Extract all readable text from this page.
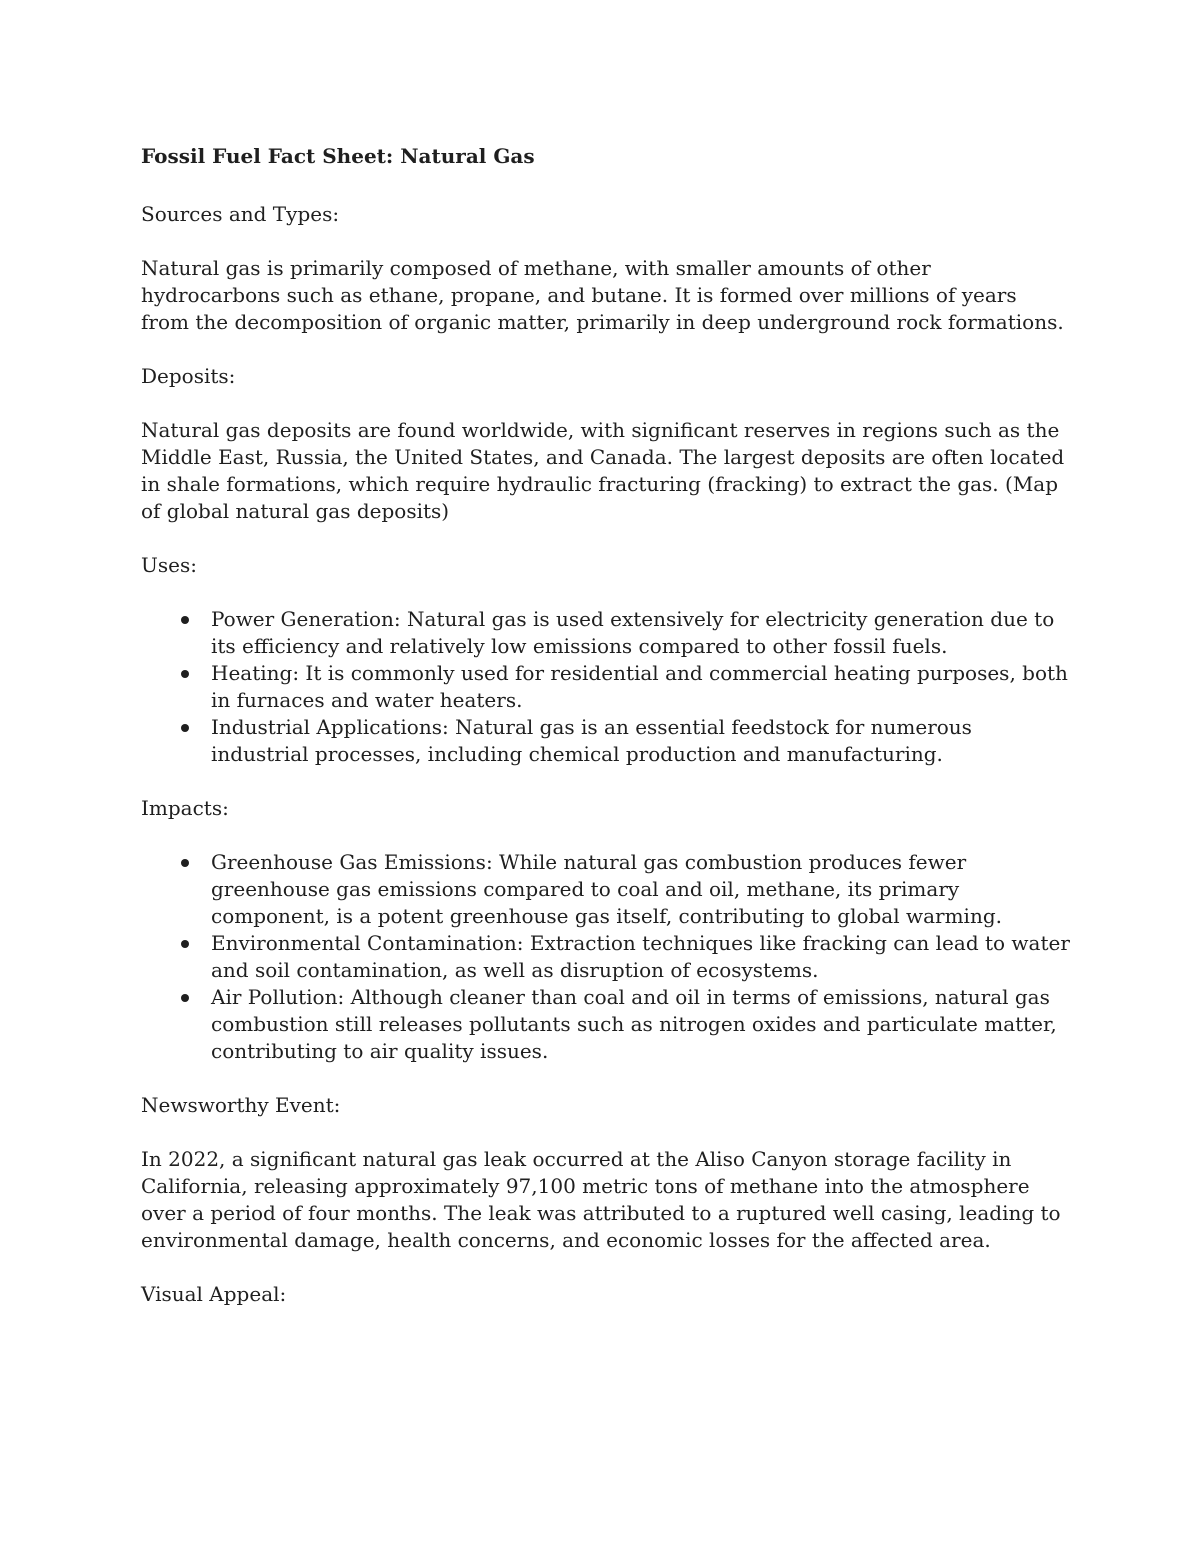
Fossil Fuel Fact Sheet: Natural Gas
Sources and Types:
Natural gas is primarily composed of methane, with smaller amounts of other hydrocarbons such as ethane, propane, and butane. It is formed over millions of years from the decomposition of organic matter, primarily in deep underground rock formations.
Deposits:
Natural gas deposits are found worldwide, with significant reserves in regions such as the Middle East, Russia, the United States, and Canada. The largest deposits are often located in shale formations, which require hydraulic fracturing (fracking) to extract the gas. (Map of global natural gas deposits)
Uses:
Power Generation: Natural gas is used extensively for electricity generation due to its efficiency and relatively low emissions compared to other fossil fuels.
Heating: It is commonly used for residential and commercial heating purposes, both in furnaces and water heaters.
Industrial Applications: Natural gas is an essential feedstock for numerous industrial processes, including chemical production and manufacturing.
Impacts:
Greenhouse Gas Emissions: While natural gas combustion produces fewer greenhouse gas emissions compared to coal and oil, methane, its primary component, is a potent greenhouse gas itself, contributing to global warming.
Environmental Contamination: Extraction techniques like fracking can lead to water and soil contamination, as well as disruption of ecosystems.
Air Pollution: Although cleaner than coal and oil in terms of emissions, natural gas combustion still releases pollutants such as nitrogen oxides and particulate matter, contributing to air quality issues.
Newsworthy Event:
In 2022, a significant natural gas leak occurred at the Aliso Canyon storage facility in California, releasing approximately 97,100 metric tons of methane into the atmosphere over a period of four months. The leak was attributed to a ruptured well casing, leading to environmental damage, health concerns, and economic losses for the affected area.
Visual Appeal:
